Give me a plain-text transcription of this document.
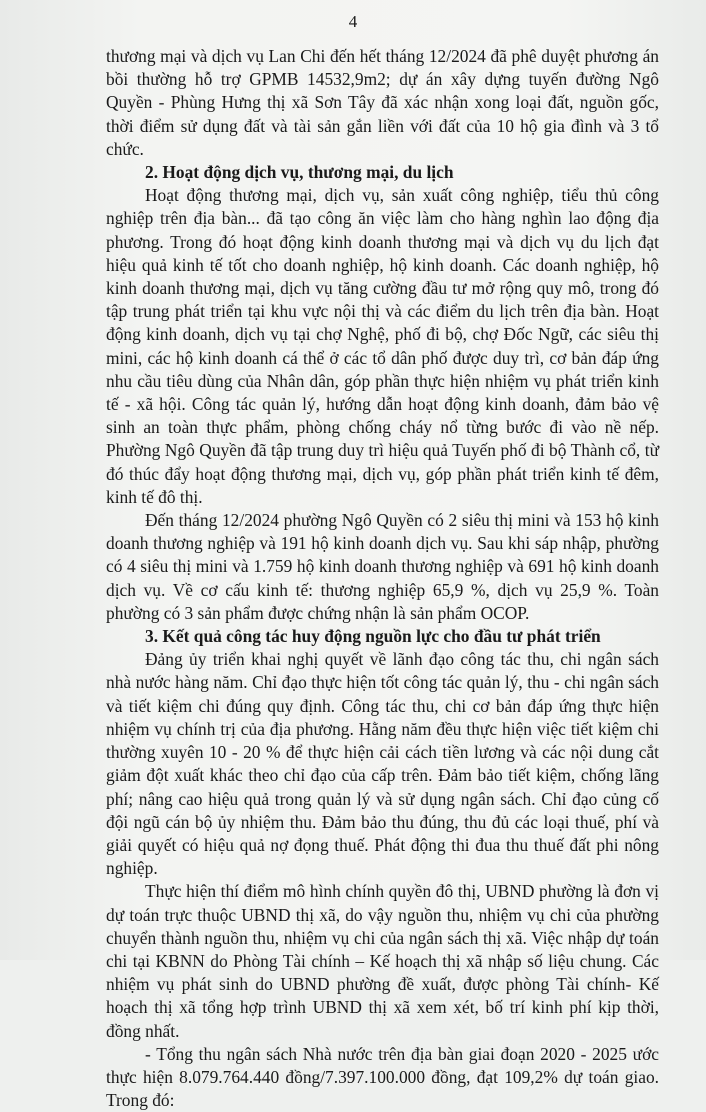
4

thương mại và dịch vụ Lan Chi đến hết tháng 12/2024 đã phê duyệt phương án bồi thường hỗ trợ GPMB 14532,9m2; dự án xây dựng tuyến đường Ngô Quyền - Phùng Hưng thị xã Sơn Tây đã xác nhận xong loại đất, nguồn gốc, thời điểm sử dụng đất và tài sản gắn liền với đất của 10 hộ gia đình và 3 tổ chức.

2. Hoạt động dịch vụ, thương mại, du lịch

Hoạt động thương mại, dịch vụ, sản xuất công nghiệp, tiểu thủ công nghiệp trên địa bàn... đã tạo công ăn việc làm cho hàng nghìn lao động địa phương. Trong đó hoạt động kinh doanh thương mại và dịch vụ du lịch đạt hiệu quả kinh tế tốt cho doanh nghiệp, hộ kinh doanh. Các doanh nghiệp, hộ kinh doanh thương mại, dịch vụ tăng cường đầu tư mở rộng quy mô, trong đó tập trung phát triển tại khu vực nội thị và các điểm du lịch trên địa bàn. Hoạt động kinh doanh, dịch vụ tại chợ Nghệ, phố đi bộ, chợ Đốc Ngữ, các siêu thị mini, các hộ kinh doanh cá thể ở các tổ dân phố được duy trì, cơ bản đáp ứng nhu cầu tiêu dùng của Nhân dân, góp phần thực hiện nhiệm vụ phát triển kinh tế - xã hội. Công tác quản lý, hướng dẫn hoạt động kinh doanh, đảm bảo vệ sinh an toàn thực phẩm, phòng chống cháy nổ từng bước đi vào nề nếp. Phường Ngô Quyền đã tập trung duy trì hiệu quả Tuyến phố đi bộ Thành cổ, từ đó thúc đẩy hoạt động thương mại, dịch vụ, góp phần phát triển kinh tế đêm, kinh tế đô thị.

Đến tháng 12/2024 phường Ngô Quyền có 2 siêu thị mini và 153 hộ kinh doanh thương nghiệp và 191 hộ kinh doanh dịch vụ. Sau khi sáp nhập, phường có 4 siêu thị mini và 1.759 hộ kinh doanh thương nghiệp và 691 hộ kinh doanh dịch vụ. Về cơ cấu kinh tế: thương nghiệp 65,9 %, dịch vụ 25,9 %. Toàn phường có 3 sản phẩm được chứng nhận là sản phẩm OCOP.

3. Kết quả công tác huy động nguồn lực cho đầu tư phát triển

Đảng ủy triển khai nghị quyết về lãnh đạo công tác thu, chi ngân sách nhà nước hàng năm. Chỉ đạo thực hiện tốt công tác quản lý, thu - chi ngân sách và tiết kiệm chi đúng quy định. Công tác thu, chi cơ bản đáp ứng thực hiện nhiệm vụ chính trị của địa phương. Hằng năm đều thực hiện việc tiết kiệm chi thường xuyên 10 - 20 % để thực hiện cải cách tiền lương và các nội dung cắt giảm đột xuất khác theo chỉ đạo của cấp trên. Đảm bảo tiết kiệm, chống lãng phí; nâng cao hiệu quả trong quản lý và sử dụng ngân sách. Chỉ đạo củng cố đội ngũ cán bộ ủy nhiệm thu. Đảm bảo thu đúng, thu đủ các loại thuế, phí và giải quyết có hiệu quả nợ đọng thuế. Phát động thi đua thu thuế đất phi nông nghiệp.

Thực hiện thí điểm mô hình chính quyền đô thị, UBND phường là đơn vị dự toán trực thuộc UBND thị xã, do vậy nguồn thu, nhiệm vụ chi của phường chuyển thành nguồn thu, nhiệm vụ chi của ngân sách thị xã. Việc nhập dự toán chi tại KBNN do Phòng Tài chính – Kế hoạch thị xã nhập số liệu chung. Các nhiệm vụ phát sinh do UBND phường đề xuất, được phòng Tài chính- Kế hoạch thị xã tổng hợp trình UBND thị xã xem xét, bố trí kinh phí kịp thời, đồng nhất.

- Tổng thu ngân sách Nhà nước trên địa bàn giai đoạn 2020 - 2025 ước thực hiện 8.079.764.440 đồng/7.397.100.000 đồng, đạt 109,2% dự toán giao. Trong đó:
